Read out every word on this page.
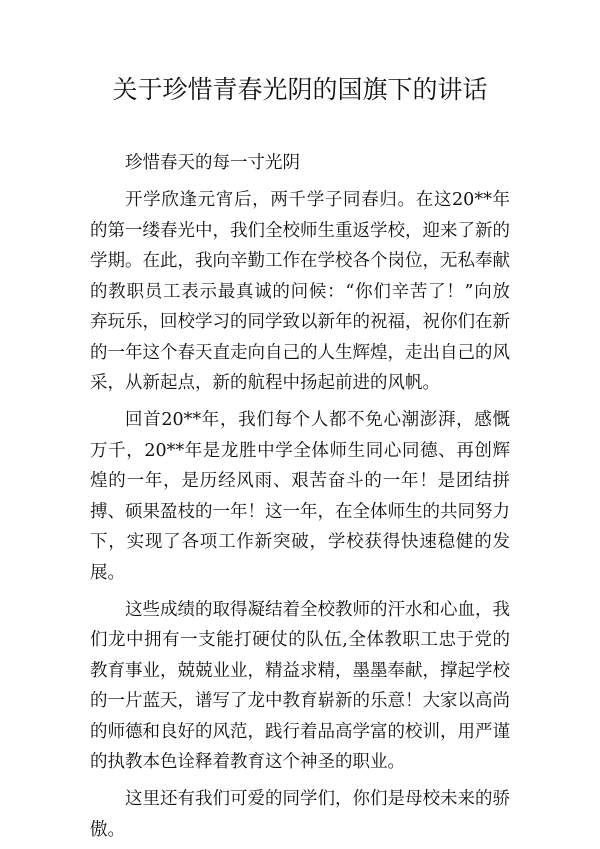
关于珍惜青春光阴的国旗下的讲话

珍惜春天的每一寸光阴

开学欣逢元宵后，两千学子同春归。在这20**年的第一缕春光中，我们全校师生重返学校，迎来了新的学期。在此，我向辛勤工作在学校各个岗位，无私奉献的教职员工表示最真诚的问候：“你们辛苦了！”向放弃玩乐，回校学习的同学致以新年的祝福，祝你们在新的一年这个春天直走向自己的人生辉煌，走出自己的风采，从新起点，新的航程中扬起前进的风帆。

回首20**年，我们每个人都不免心潮澎湃，感慨万千，20**年是龙胜中学全体师生同心同德、再创辉煌的一年，是历经风雨、艰苦奋斗的一年！是团结拼搏、硕果盈枝的一年！这一年，在全体师生的共同努力下，实现了各项工作新突破，学校获得快速稳健的发展。

这些成绩的取得凝结着全校教师的汗水和心血，我们龙中拥有一支能打硬仗的队伍,全体教职工忠于党的教育事业，兢兢业业，精益求精，墨墨奉献，撑起学校的一片蓝天，谱写了龙中教育崭新的乐意！大家以高尚的师德和良好的风范，践行着品高学富的校训，用严谨的执教本色诠释着教育这个神圣的职业。

这里还有我们可爱的同学们，你们是母校未来的骄傲。
